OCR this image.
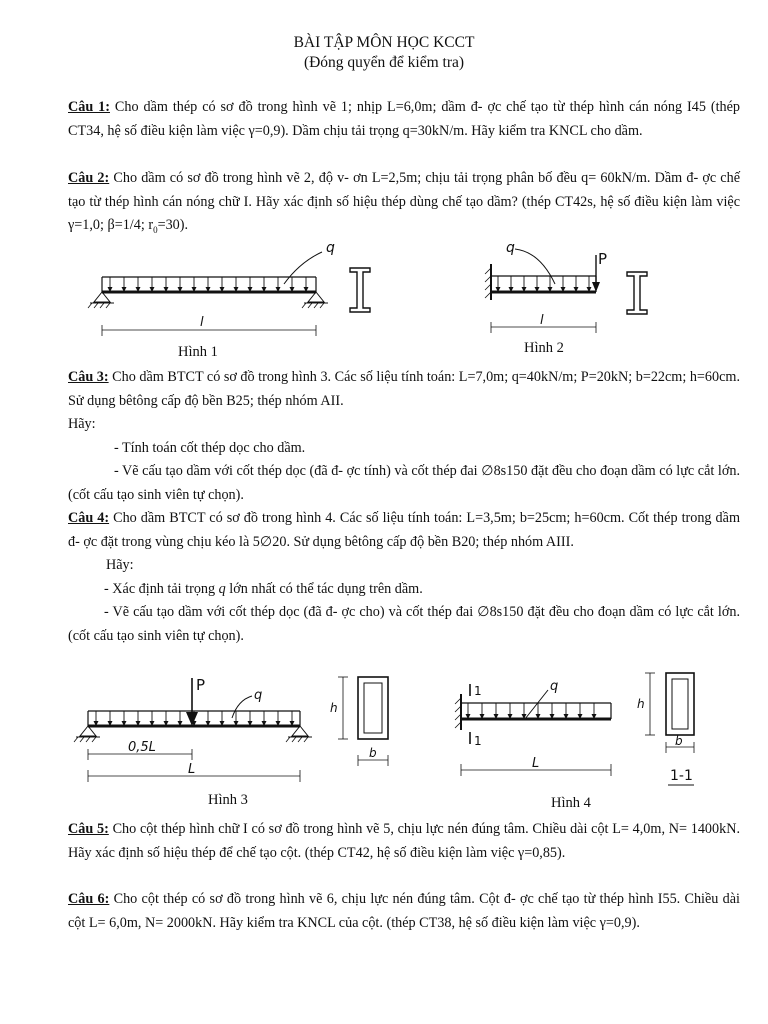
BÀI TẬP MÔN HỌC KCCT
(Đóng quyển để kiểm tra)
Câu 1: Cho dầm thép có sơ đồ trong hình vẽ 1; nhịp L=6,0m; dầm đ- ợc chế tạo từ thép hình cán nóng I45 (thép CT34, hệ số điều kiện làm việc γ=0,9). Dầm chịu tải trọng q=30kN/m. Hãy kiểm tra KNCL cho dầm.
Câu 2: Cho dầm có sơ đồ trong hình vẽ 2, độ v- ơn L=2,5m; chịu tải trọng phân bố đều q= 60kN/m. Dầm đ- ợc chế tạo từ thép hình cán nóng chữ I. Hãy xác định số hiệu thép dùng chế tạo dầm? (thép CT42s, hệ số điều kiện làm việc γ=1,0; β=1/4; $r_0=30$).
q
l
q
P
l
Hình 1	Hình 2
Câu 3: Cho dầm BTCT có sơ đồ trong hình 3. Các số liệu tính toán: L=7,0m; q=40kN/m; P=20kN; b=22cm; h=60cm. Sử dụng bêtông cấp độ bền B25; thép nhóm AII.
Hãy:

- Tính toán cốt thép dọc cho dầm.
- Vẽ cấu tạo dầm với cốt thép dọc (đã đ- ợc tính) và cốt thép đai ∅8s150 đặt đều cho đoạn dầm có lực cắt lớn. (cốt cấu tạo sinh viên tự chọn).
Câu 4: Cho dầm BTCT có sơ đồ trong hình 4. Các số liệu tính toán: L=3,5m; b=25cm; h=60cm. Cốt thép trong dầm đ- ợc đặt trong vùng chịu kéo là 5∅20. Sử dụng bêtông cấp độ bền B20; thép nhóm AIII.
Hãy:
- Xác định tải trọng q lớn nhất có thể tác dụng trên dầm.
- Vẽ cấu tạo dầm với cốt thép dọc (đã đ- ợc cho) và cốt thép đai ∅8s150 đặt đều cho đoạn dầm có lực cắt lớn. (cốt cấu tạo sinh viên tự chọn).
P
q
0,5L
L
h
b
q
1
1
L
h
b
1-1
Hình 3	Hình 4
Câu 5: Cho cột thép hình chữ I có sơ đồ trong hình vẽ 5, chịu lực nén đúng tâm. Chiều dài cột L= 4,0m, N= 1400kN. Hãy xác định số hiệu thép để chế tạo cột. (thép CT42, hệ số điều kiện làm việc γ=0,85).
Câu 6: Cho cột thép có sơ đồ trong hình vẽ 6, chịu lực nén đúng tâm. Cột đ- ợc chế tạo từ thép hình I55. Chiều dài cột L= 6,0m, N= 2000kN. Hãy kiểm tra KNCL của cột. (thép CT38, hệ số điều kiện làm việc γ=0,9).
